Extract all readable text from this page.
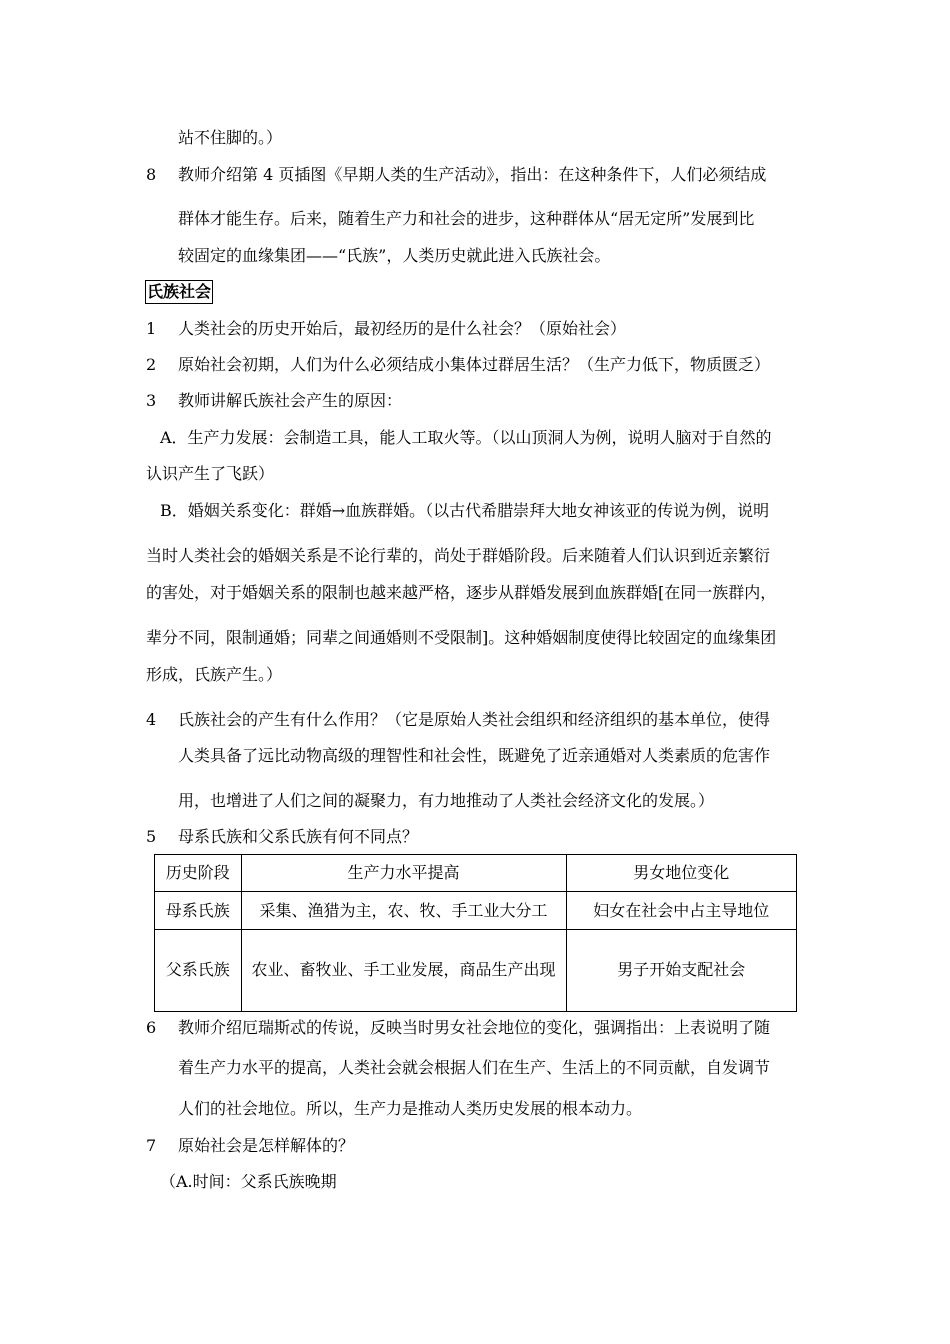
站不住脚的。）
8 教师介绍第 4 页插图《早期人类的生产活动》，指出：在这种条件下，人们必须结成
群体才能生存。后来，随着生产力和社会的进步，这种群体从“居无定所”发展到比
较固定的血缘集团——“氏族”，人类历史就此进入氏族社会。
氏族社会
1 人类社会的历史开始后，最初经历的是什么社会？（原始社会）
2 原始社会初期，人们为什么必须结成小集体过群居生活？（生产力低下，物质匮乏）
3 教师讲解氏族社会产生的原因：
A．生产力发展：会制造工具，能人工取火等。（以山顶洞人为例，说明人脑对于自然的
认识产生了飞跃）
B．婚姻关系变化：群婚→血族群婚。（以古代希腊崇拜大地女神该亚的传说为例，说明
当时人类社会的婚姻关系是不论行辈的，尚处于群婚阶段。后来随着人们认识到近亲繁衍
的害处，对于婚姻关系的限制也越来越严格，逐步从群婚发展到血族群婚[在同一族群内，
辈分不同，限制通婚；同辈之间通婚则不受限制]。这种婚姻制度使得比较固定的血缘集团
形成，氏族产生。）
4 氏族社会的产生有什么作用？（它是原始人类社会组织和经济组织的基本单位，使得
人类具备了远比动物高级的理智性和社会性，既避免了近亲通婚对人类素质的危害作
用，也增进了人们之间的凝聚力，有力地推动了人类社会经济文化的发展。）
5 母系氏族和父系氏族有何不同点？
历史阶段	生产力水平提高	男女地位变化
母系氏族	采集、渔猎为主，农、牧、手工业大分工	妇女在社会中占主导地位
父系氏族	农业、畜牧业、手工业发展，商品生产出现	男子开始支配社会
6 教师介绍厄瑞斯忒的传说，反映当时男女社会地位的变化，强调指出：上表说明了随
着生产力水平的提高，人类社会就会根据人们在生产、生活上的不同贡献，自发调节
人们的社会地位。所以，生产力是推动人类历史发展的根本动力。
7 原始社会是怎样解体的？
（A.时间：父系氏族晚期
